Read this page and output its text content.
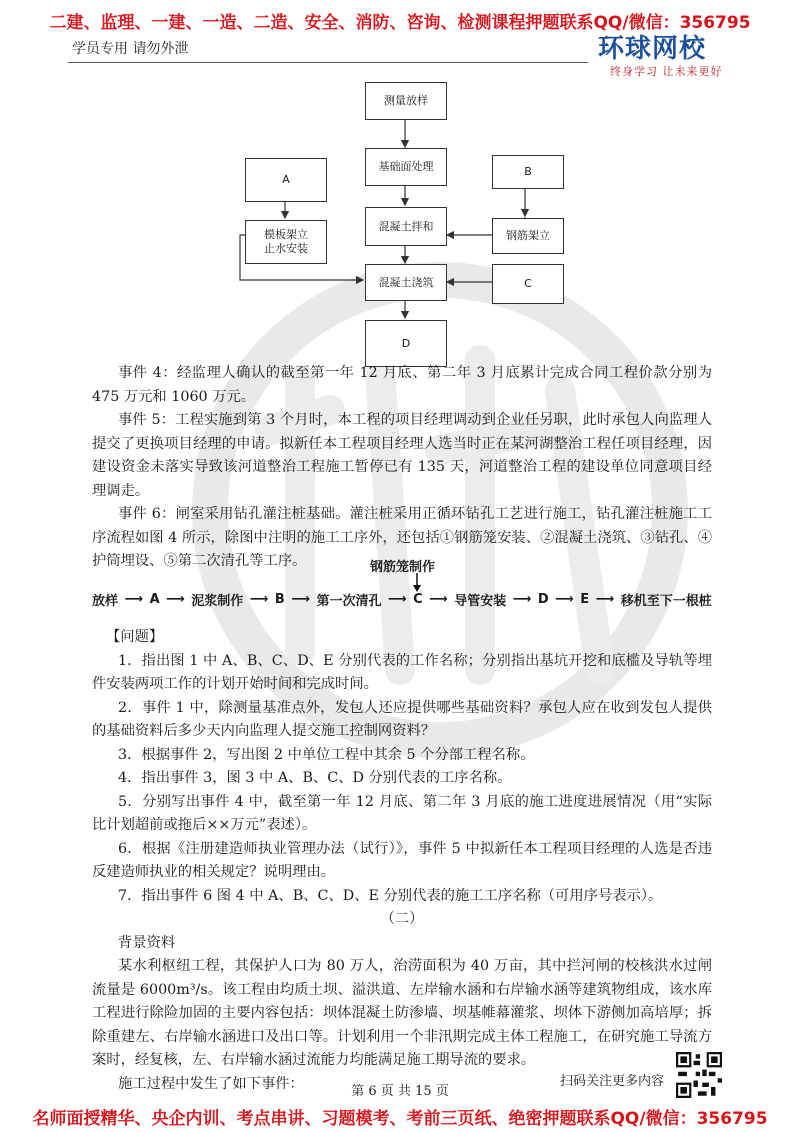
二建、监理、一建、一造、二造、安全、消防、咨询、检测课程押题联系QQ/微信：356795
学员专用 请勿外泄	环球网校
终身学习 让未来更好
测量放样
基础面处理
混凝土拌和
混凝土浇筑
D
A
模板架立
止水安装
B
钢筋架立
C

事件 4：经监理人确认的截至第一年 12 月底、第二年 3 月底累计完成合同工程价款分别为 475 万元和 1060 万元。

事件 5：工程实施到第 3 个月时，本工程的项目经理调动到企业任另职，此时承包人向监理人提交了更换项目经理的申请。拟新任本工程项目经理人选当时正在某河湖整治工程任项目经理，因建设资金未落实导致该河道整治工程施工暂停已有 135 天，河道整治工程的建设单位同意项目经理调走。

事件 6：闸室采用钻孔灌注桩基础。灌注桩采用正循环钻孔工艺进行施工，钻孔灌注桩施工工序流程如图 4 所示，除图中注明的施工工序外，还包括①钢筋笼安装、②混凝土浇筑、③钻孔、④护筒埋设、⑤第二次清孔等工序。	钢筋笼制作
放样 ⟶ A ⟶ 泥浆制作 ⟶ B ⟶ 第一次清孔 ⟶ C ⟶ 导管安装 ⟶ D ⟶ E ⟶ 移机至下一根桩

【问题】

1．指出图 1 中 A、B、C、D、E 分别代表的工作名称；分别指出基坑开挖和底槛及导轨等埋件安装两项工作的计划开始时间和完成时间。

2．事件 1 中，除测量基准点外，发包人还应提供哪些基础资料？承包人应在收到发包人提供的基础资料后多少天内向监理人提交施工控制网资料？

3．根据事件 2，写出图 2 中单位工程中其余 5 个分部工程名称。

4．指出事件 3，图 3 中 A、B、C、D 分别代表的工序名称。

5．分别写出事件 4 中，截至第一年 12 月底、第二年 3 月底的施工进度进展情况（用“实际比计划超前或拖后××万元”表述）。

6．根据《注册建造师执业管理办法（试行）》，事件 5 中拟新任本工程项目经理的人选是否违反建造师执业的相关规定？说明理由。

7．指出事件 6 图 4 中 A、B、C、D、E 分别代表的施工工序名称（可用序号表示）。

（二）

背景资料

某水利枢纽工程，其保护人口为 80 万人，治涝面积为 40 万亩，其中拦河闸的校核洪水过闸流量是 6000m³/s。该工程由均质土坝、溢洪道、左岸输水涵和右岸输水涵等建筑物组成，该水库工程进行除险加固的主要内容包括：坝体混凝土防渗墙、坝基帷幕灌浆、坝体下游侧加高培厚；拆除重建左、右岸输水涵进口及出口等。计划利用一个非汛期完成主体工程施工，在研究施工导流方案时，经复核，左、右岸输水涵过流能力均能满足施工期导流的要求。

施工过程中发生了如下事件：	扫码关注更多内容
第 6 页 共 15 页
名师面授精华、央企内训、考点串讲、习题模考、考前三页纸、绝密押题联系QQ/微信：356795
